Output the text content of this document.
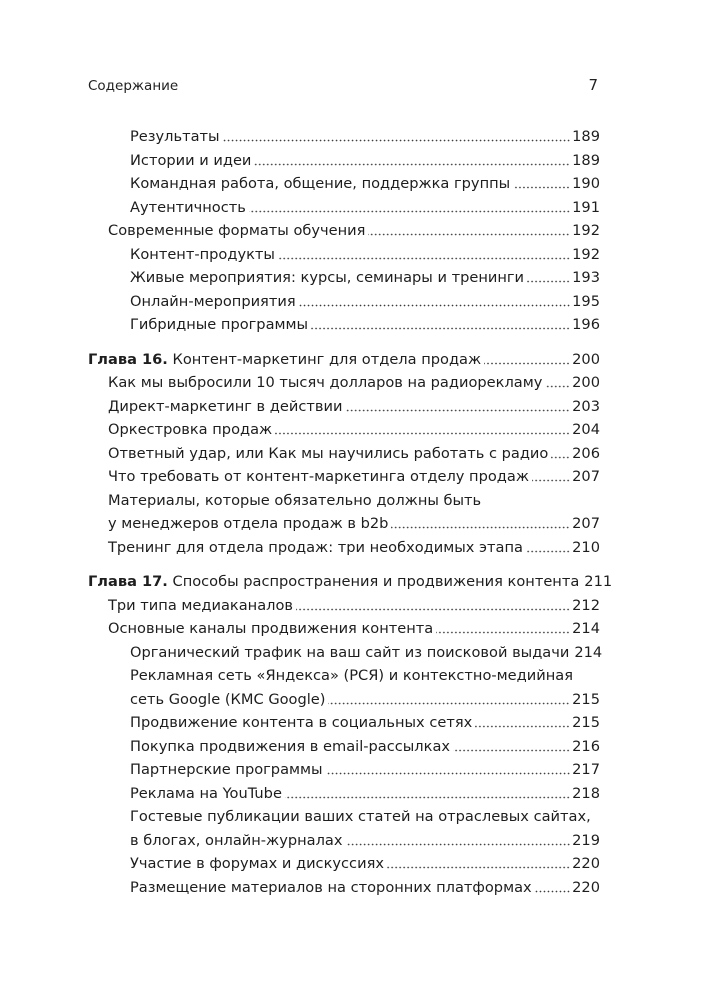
Содержание	7
Результаты	189
Истории и идеи	189
Командная работа, общение, поддержка группы	190
Аутентичность	191
Современные форматы обучения	192
Контент-продукты	192
Живые мероприятия: курсы, семинары и тренинги	193
Онлайн-мероприятия	195
Гибридные программы	196
Глава 16. Контент-маркетинг для отдела продаж	200
Как мы выбросили 10 тысяч долларов на радиорекламу 200
Директ-маркетинг в действии	203
Оркестровка продаж	204
Ответный удар, или Как мы научились работать с радио 206
Что требовать от контент-маркетинга отделу продаж	207
Материалы, которые обязательно должны быть
у менеджеров отдела продаж в b2b	207
Тренинг для отдела продаж: три необходимых этапа	210
Глава 17. Способы распространения и продвижения контента 211
Три типа медиаканалов	212
Основные каналы продвижения контента	214
Органический трафик на ваш сайт из поисковой выдачи 214
Рекламная сеть «Яндекса» (РСЯ) и контекстно-медийная
сеть Google (КМС Google)	215
Продвижение контента в социальных сетях	215
Покупка продвижения в email-рассылках	216
Партнерские программы	217
Реклама на YouTube	218
Гостевые публикации ваших статей на отраслевых сайтах,
в блогах, онлайн-журналах	219
Участие в форумах и дискуссиях	220
Размещение материалов на сторонних платформах	220
